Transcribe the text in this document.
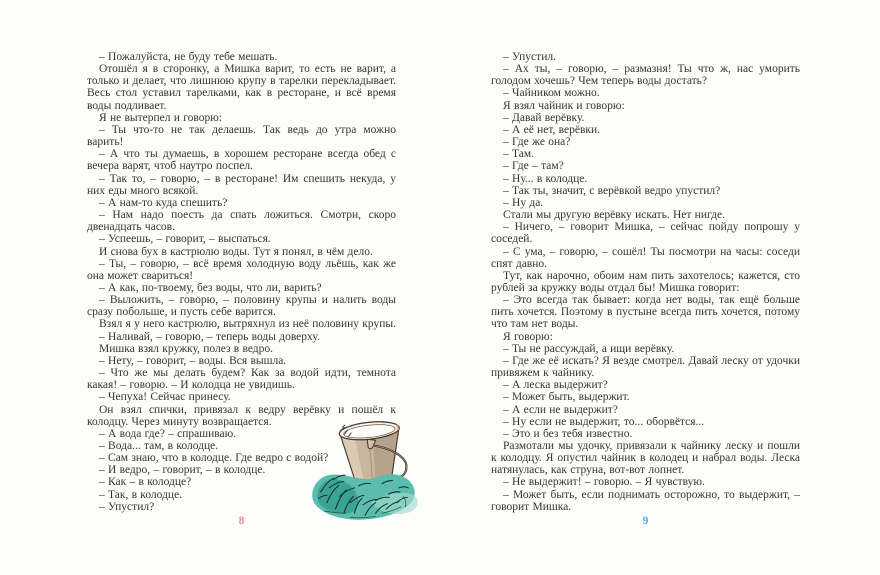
– Пожалуйста, не буду тебе мешать.

Отошёл я в сторонку, а Мишка варит, то есть не варит, а только и делает, что лишнюю крупу в тарелки перекладывает. Весь стол уставил тарелками, как в ресторане, и всё время воды подливает.

Я не вытерпел и говорю:

– Ты что-то не так делаешь. Так ведь до утра можно варить!

– А что ты думаешь, в хорошем ресторане всегда обед с вечера варят, чтоб наутро поспел.

– Так то, – говорю, – в ресторане! Им спешить некуда, у них еды много всякой.

– А нам-то куда спешить?

– Нам надо поесть да спать ложиться. Смотри, скоро двенадцать часов.

– Успеешь, – говорит, – выспаться.

И снова бух в кастрюлю воды. Тут я понял, в чём дело.

– Ты, – говорю, – всё время холодную воду льёшь, как же она может свариться!

– А как, по-твоему, без воды, что ли, варить?

– Выложить, – говорю, – половину крупы и налить воды сразу побольше, и пусть себе варится.

Взял я у него кастрюлю, вытряхнул из неё половину крупы.

– Наливай, – говорю, – теперь воды доверху.

Мишка взял кружку, полез в ведро.

– Нету, – говорит, – воды. Вся вышла.

– Что же мы делать будем? Как за водой идти, темнота какая! – говорю. – И колодца не увидишь.

– Чепуха! Сейчас принесу.

Он взял спички, привязал к ведру верёвку и пошёл к колодцу. Через минуту возвращается.

– А вода где? – спрашиваю.

– Вода... там, в колодце.

– Сам знаю, что в колодце. Где ведро с водой?

– И ведро, – говорит, – в колодце.

– Как – в колодце?

– Так, в колодце.

– Упустил?

– Упустил.

– Ах ты, – говорю, – размазня! Ты что ж, нас уморить голодом хочешь? Чем теперь воды достать?

– Чайником можно.

Я взял чайник и говорю:

– Давай верёвку.

– А её нет, верёвки.

– Где же она?

– Там.

– Где – там?

– Ну... в колодце.

– Так ты, значит, с верёвкой ведро упустил?

– Ну да.

Стали мы другую верёвку искать. Нет нигде.

– Ничего, – говорит Мишка, – сейчас пойду попрошу у соседей.

– С ума, – говорю, – сошёл! Ты посмотри на часы: соседи спят давно.

Тут, как нарочно, обоим нам пить захотелось; кажется, сто рублей за кружку воды отдал бы! Мишка говорит:

– Это всегда так бывает: когда нет воды, так ещё больше пить хочется. Поэтому в пустыне всегда пить хочется, потому что там нет воды.

Я говорю:

– Ты не рассуждай, а ищи верёвку.

– Где же её искать? Я везде смотрел. Давай леску от удочки привяжем к чайнику.

– А леска выдержит?

– Может быть, выдержит.

– А если не выдержит?

– Ну если не выдержит, то... оборвётся...

– Это и без тебя известно.

Размотали мы удочку, привязали к чайнику леску и пошли к колодцу. Я опустил чайник в колодец и набрал воды. Леска натянулась, как струна, вот-вот лопнет.

– Не выдержит! – говорю. – Я чувствую.

– Может быть, если поднимать осторожно, то выдержит, – говорит Мишка.

8	9
